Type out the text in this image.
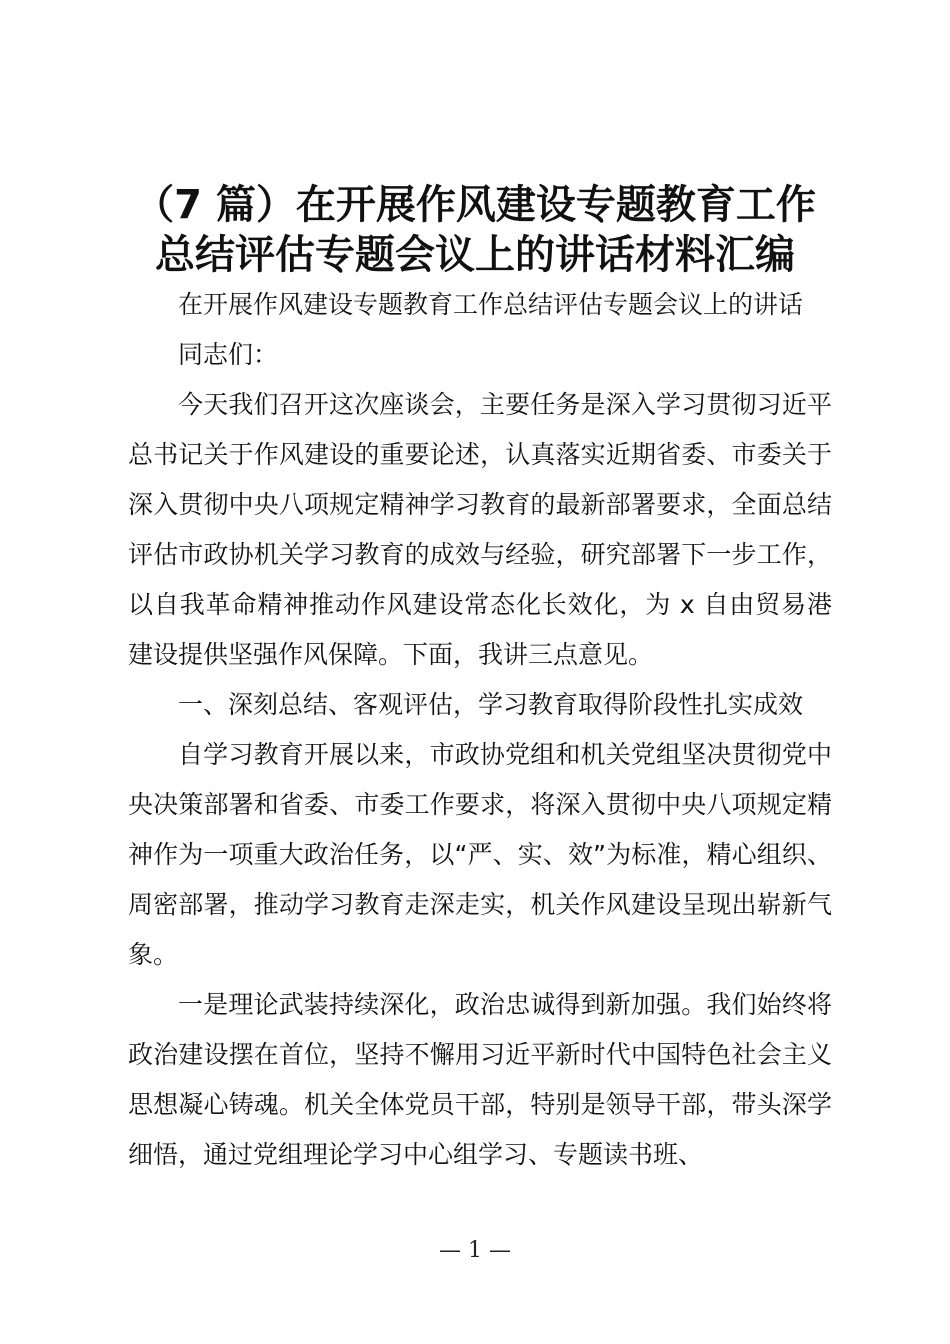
（7 篇）在开展作风建设专题教育工作
总结评估专题会议上的讲话材料汇编

在开展作风建设专题教育工作总结评估专题会议上的讲话

同志们：

今天我们召开这次座谈会，主要任务是深入学习贯彻习近平总书记关于作风建设的重要论述，认真落实近期省委、市委关于深入贯彻中央八项规定精神学习教育的最新部署要求，全面总结评估市政协机关学习教育的成效与经验，研究部署下一步工作，以自我革命精神推动作风建设常态化长效化，为 x 自由贸易港建设提供坚强作风保障。下面，我讲三点意见。

一、深刻总结、客观评估，学习教育取得阶段性扎实成效

自学习教育开展以来，市政协党组和机关党组坚决贯彻党中央决策部署和省委、市委工作要求，将深入贯彻中央八项规定精神作为一项重大政治任务，以“严、实、效”为标准，精心组织、周密部署，推动学习教育走深走实，机关作风建设呈现出崭新气象。

一是理论武装持续深化，政治忠诚得到新加强。我们始终将政治建设摆在首位，坚持不懈用习近平新时代中国特色社会主义思想凝心铸魂。机关全体党员干部，特别是领导干部，带头深学细悟，通过党组理论学习中心组学习、专题读书班、

— 1 —
